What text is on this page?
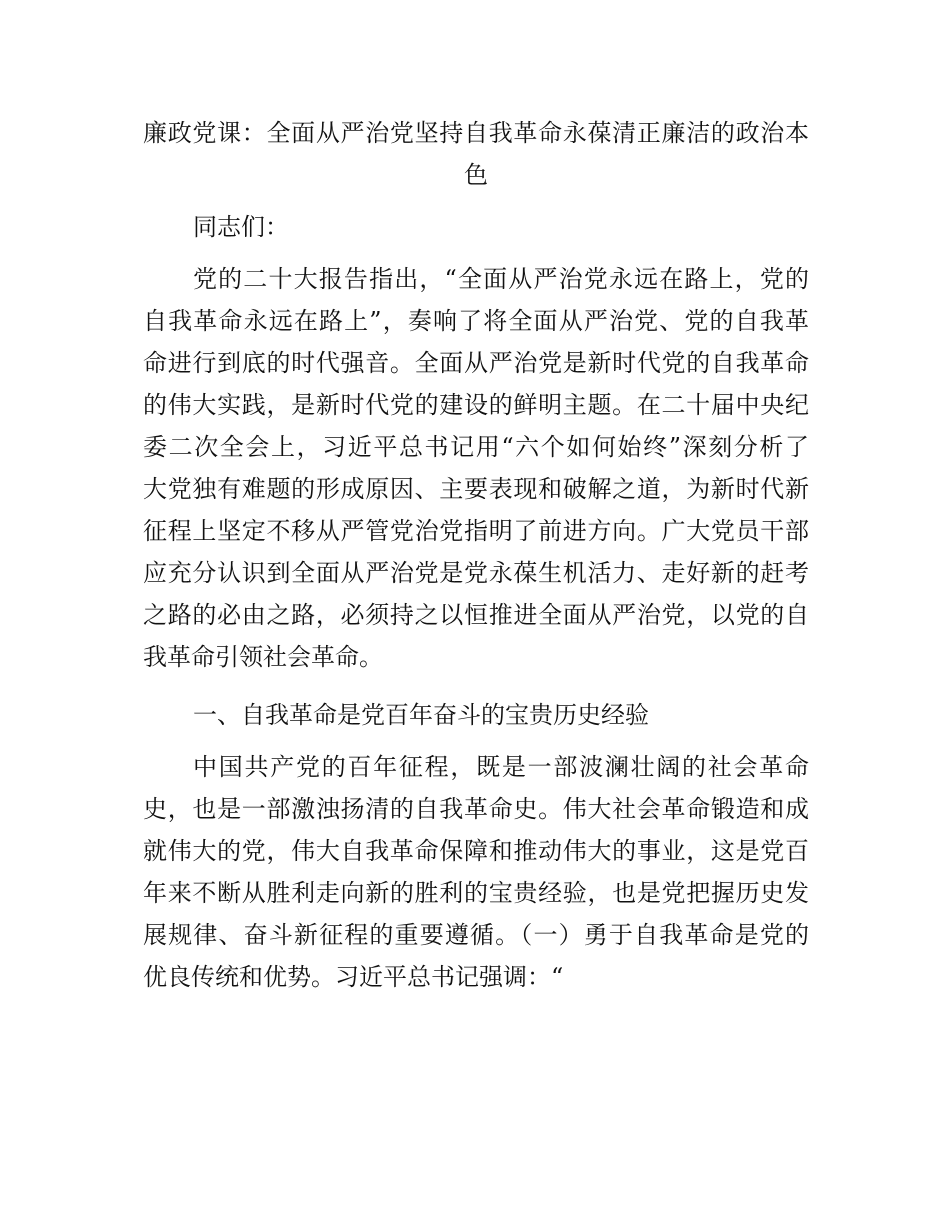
廉政党课：全面从严治党坚持自我革命永葆清正廉洁的政治本
色
同志们：
党的二十大报告指出，“全面从严治党永远在路上，党的
自我革命永远在路上”，奏响了将全面从严治党、党的自我革
命进行到底的时代强音。全面从严治党是新时代党的自我革命
的伟大实践，是新时代党的建设的鲜明主题。在二十届中央纪
委二次全会上，习近平总书记用“六个如何始终”深刻分析了
大党独有难题的形成原因、主要表现和破解之道，为新时代新
征程上坚定不移从严管党治党指明了前进方向。广大党员干部
应充分认识到全面从严治党是党永葆生机活力、走好新的赶考
之路的必由之路，必须持之以恒推进全面从严治党，以党的自
我革命引领社会革命。
一、自我革命是党百年奋斗的宝贵历史经验
中国共产党的百年征程，既是一部波澜壮阔的社会革命
史，也是一部激浊扬清的自我革命史。伟大社会革命锻造和成
就伟大的党，伟大自我革命保障和推动伟大的事业，这是党百
年来不断从胜利走向新的胜利的宝贵经验，也是党把握历史发
展规律、奋斗新征程的重要遵循。（一）勇于自我革命是党的
优良传统和优势。习近平总书记强调：“
